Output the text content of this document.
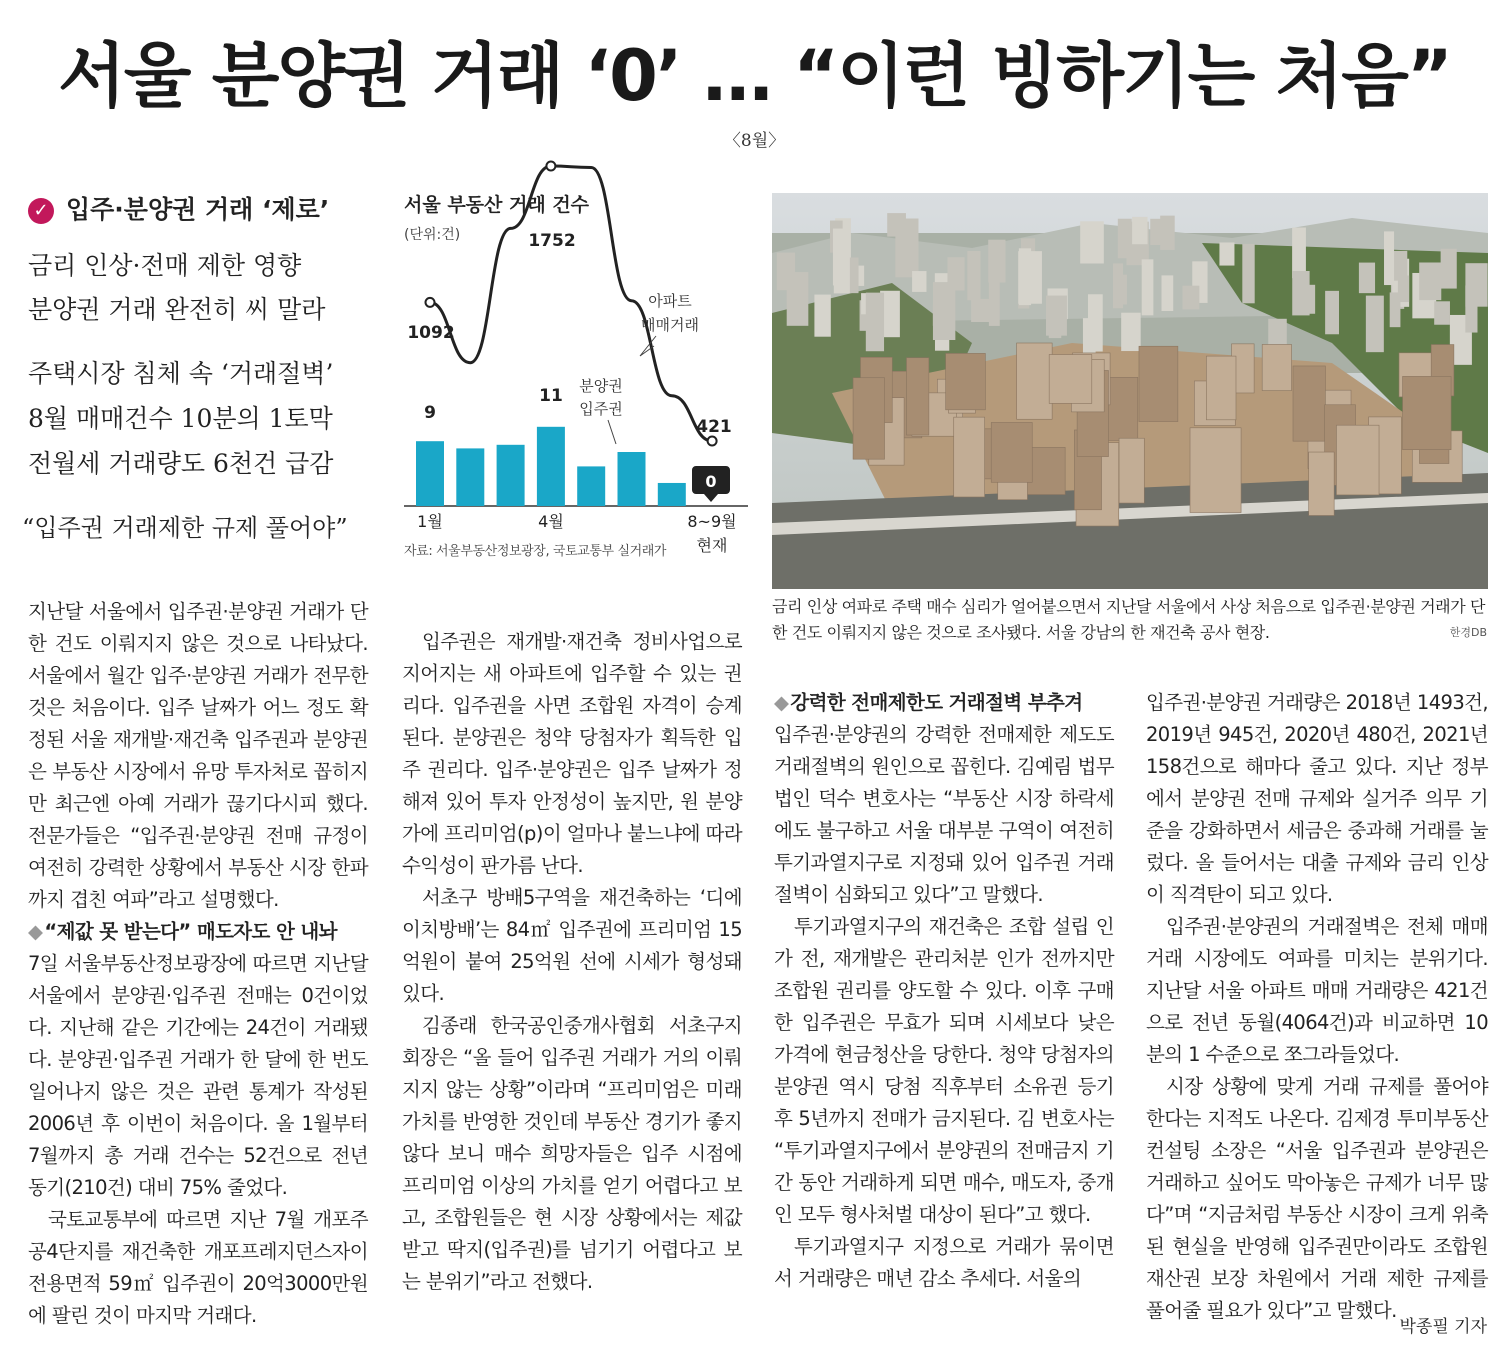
서울 분양권 거래 ‘0’ … “이런 빙하기는 처음”
〈8월〉
✓ 입주·분양권 거래 ‘제로’
금리 인상·전매 제한 영향
분양권 거래 완전히 씨 말라
주택시장 침체 속 ‘거래절벽’
8월 매매건수 10분의 1토막
전월세 거래량도 6천건 급감
“입주권 거래제한 규제 풀어야”
서울 부동산 거래 건수
(단위:건)
아파트
매매거래
분양권
입주권
1092
1752
421
9
11
0
1월	4월	8~9월
현재
자료: 서울부동산정보광장, 국토교통부 실거래가
금리 인상 여파로 주택 매수 심리가 얼어붙으면서 지난달 서울에서 사상 처음으로 입주권·분양권 거래가 단 한 건도 이뤄지지 않은 것으로 조사됐다. 서울 강남의 한 재건축 공사 현장.	한경DB

지난달 서울에서 입주권·분양권 거래가 단 한 건도 이뤄지지 않은 것으로 나타났다. 서울에서 월간 입주·분양권 거래가 전무한 것은 처음이다. 입주 날짜가 어느 정도 확정된 서울 재개발·재건축 입주권과 분양권은 부동산 시장에서 유망 투자처로 꼽히지만 최근엔 아예 거래가 끊기다시피 했다. 전문가들은 “입주권·분양권 전매 규정이 여전히 강력한 상황에서 부동산 시장 한파까지 겹친 여파”라고 설명했다.

◆ “제값 못 받는다” 매도자도 안 내놔

7일 서울부동산정보광장에 따르면 지난달 서울에서 분양권·입주권 전매는 0건이었다. 지난해 같은 기간에는 24건이 거래됐다. 분양권·입주권 거래가 한 달에 한 번도 일어나지 않은 것은 관련 통계가 작성된 2006년 후 이번이 처음이다. 올 1월부터 7월까지 총 거래 건수는 52건으로 전년 동기(210건) 대비 75% 줄었다.

국토교통부에 따르면 지난 7월 개포주공4단지를 재건축한 개포프레지던스자이 전용면적 59㎡ 입주권이 20억3000만원에 팔린 것이 마지막 거래다.

입주권은 재개발·재건축 정비사업으로 지어지는 새 아파트에 입주할 수 있는 권리다. 입주권을 사면 조합원 자격이 승계된다. 분양권은 청약 당첨자가 획득한 입주 권리다. 입주·분양권은 입주 날짜가 정해져 있어 투자 안정성이 높지만, 원 분양가에 프리미엄(p)이 얼마나 붙느냐에 따라 수익성이 판가름 난다.

서초구 방배5구역을 재건축하는 ‘디에이치방배’는 84㎡ 입주권에 프리미엄 15억원이 붙여 25억원 선에 시세가 형성돼 있다.

김종래 한국공인중개사협회 서초구지회장은 “올 들어 입주권 거래가 거의 이뤄지지 않는 상황”이라며 “프리미엄은 미래 가치를 반영한 것인데 부동산 경기가 좋지 않다 보니 매수 희망자들은 입주 시점에 프리미엄 이상의 가치를 얻기 어렵다고 보고, 조합원들은 현 시장 상황에서는 제값 받고 딱지(입주권)를 넘기기 어렵다고 보는 분위기”라고 전했다.

◆ 강력한 전매제한도 거래절벽 부추겨

입주권·분양권의 강력한 전매제한 제도도 거래절벽의 원인으로 꼽힌다. 김예림 법무법인 덕수 변호사는 “부동산 시장 하락세에도 불구하고 서울 대부분 구역이 여전히 투기과열지구로 지정돼 있어 입주권 거래절벽이 심화되고 있다”고 말했다.

투기과열지구의 재건축은 조합 설립 인가 전, 재개발은 관리처분 인가 전까지만 조합원 권리를 양도할 수 있다. 이후 구매한 입주권은 무효가 되며 시세보다 낮은 가격에 현금청산을 당한다. 청약 당첨자의 분양권 역시 당첨 직후부터 소유권 등기 후 5년까지 전매가 금지된다. 김 변호사는 “투기과열지구에서 분양권의 전매금지 기간 동안 거래하게 되면 매수, 매도자, 중개인 모두 형사처벌 대상이 된다”고 했다.

투기과열지구 지정으로 거래가 묶이면서 거래량은 매년 감소 추세다. 서울의

입주권·분양권 거래량은 2018년 1493건, 2019년 945건, 2020년 480건, 2021년 158건으로 해마다 줄고 있다. 지난 정부에서 분양권 전매 규제와 실거주 의무 기준을 강화하면서 세금은 중과해 거래를 눌렀다. 올 들어서는 대출 규제와 금리 인상이 직격탄이 되고 있다.

입주권·분양권의 거래절벽은 전체 매매 거래 시장에도 여파를 미치는 분위기다. 지난달 서울 아파트 매매 거래량은 421건으로 전년 동월(4064건)과 비교하면 10분의 1 수준으로 쪼그라들었다.

시장 상황에 맞게 거래 규제를 풀어야 한다는 지적도 나온다. 김제경 투미부동산컨설팅 소장은 “서울 입주권과 분양권은 거래하고 싶어도 막아놓은 규제가 너무 많다”며 “지금처럼 부동산 시장이 크게 위축된 현실을 반영해 입주권만이라도 조합원 재산권 보장 차원에서 거래 제한 규제를 풀어줄 필요가 있다”고 말했다.

박종필 기자
